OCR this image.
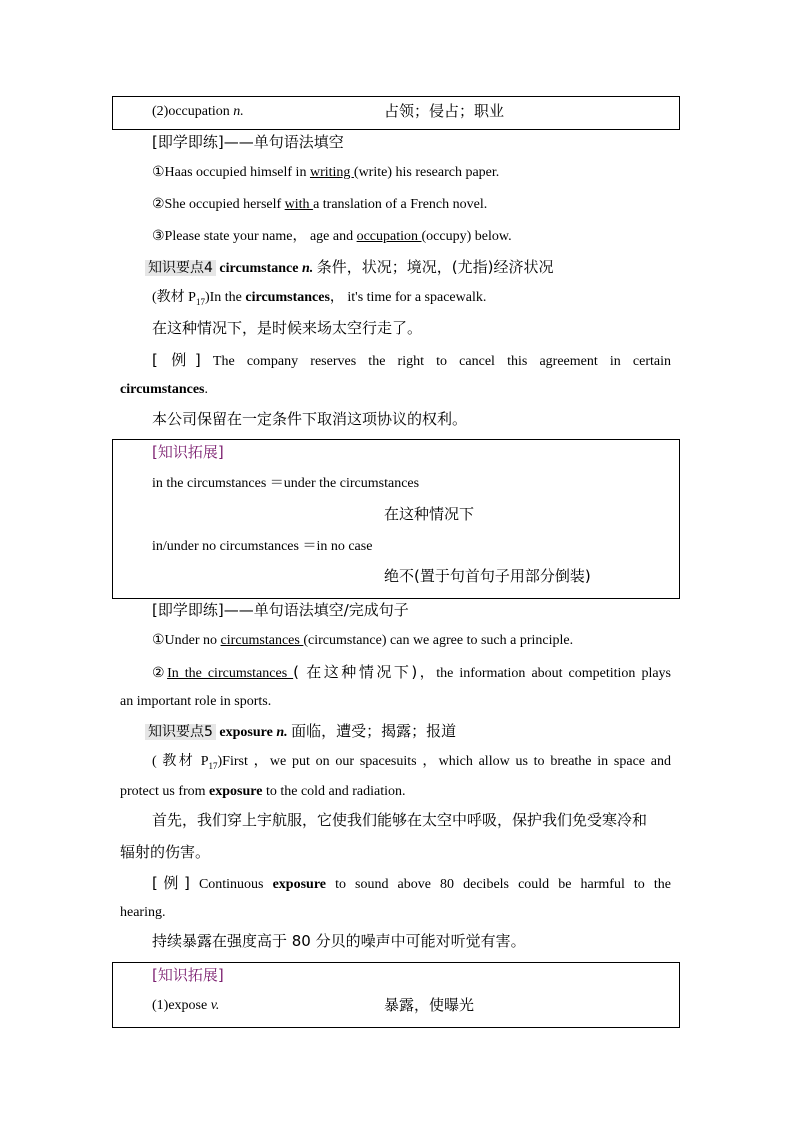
(2)occupation n.	占领；侵占；职业
[即学即练]——单句语法填空
①Haas occupied himself in writing (write) his research paper.
②She occupied herself with a translation of a French novel.
③Please state your name， age and occupation (occupy) below.
知识要点4 circumstance n. 条件，状况；境况，(尤指)经济状况
(教材 $P_{17})In$ the circumstances， it's time for a spacewalk.
在这种情况下，是时候来场太空行走了。
[ 例] The company reserves the right to cancel this agreement in certain
circumstances.
本公司保留在一定条件下取消这项协议的权利。
[知识拓展]
in the circumstances ＝under the circumstances
在这种情况下
in/under no circumstances ＝in no case
绝不(置于句首句子用部分倒装)
[即学即练]——单句语法填空/完成句子
①Under no circumstances (circumstance) can we agree to such a principle.
②In the circumstances ( 在这种情况下)，the information about competition plays
an important role in sports.
知识要点5 exposure n. 面临，遭受；揭露；报道
( 教材 $P_{17})First$ ，we put on our spacesuits ，which allow us to breathe in space and
protect us from exposure to the cold and radiation.
首先，我们穿上宇航服，它使我们能够在太空中呼吸，保护我们免受寒冷和
辐射的伤害。
[例] Continuous exposure to sound above 80 decibels could be harmful to the
hearing.
持续暴露在强度高于 80 分贝的噪声中可能对听觉有害。
[知识拓展]
(1)expose v.	暴露，使曝光
